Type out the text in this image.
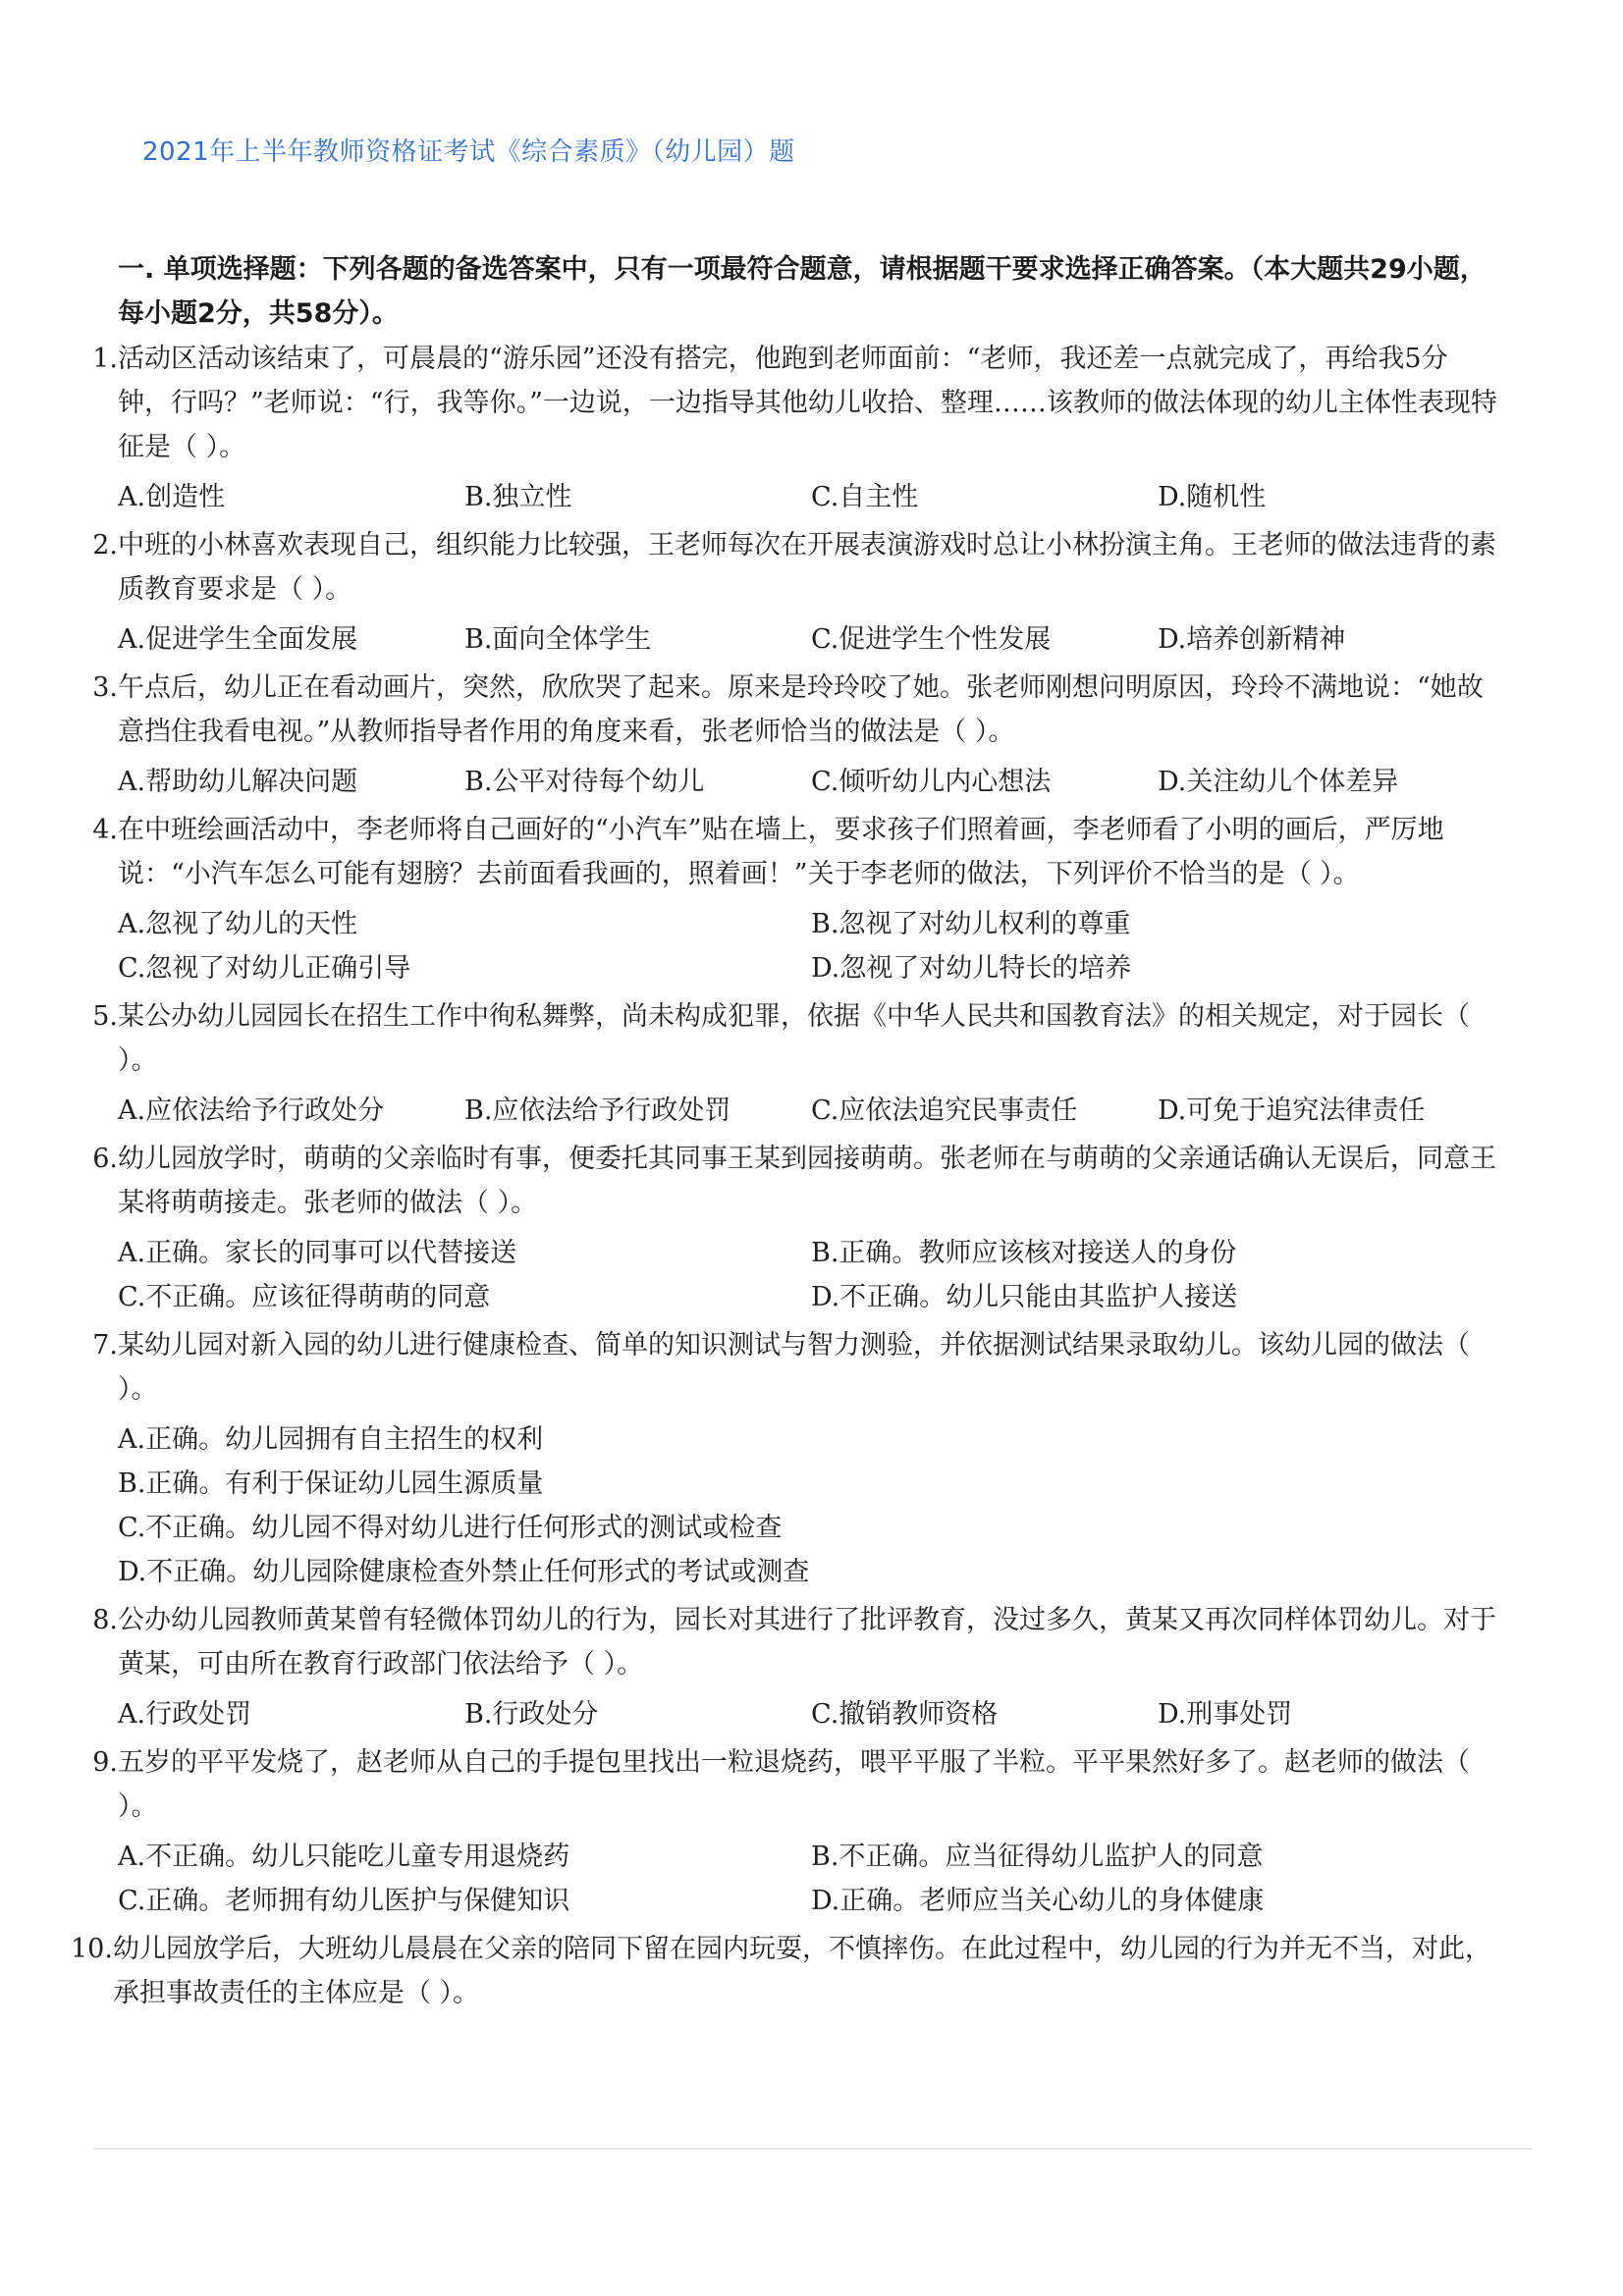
2021年上半年教师资格证考试《综合素质》（幼儿园）题
一. 单项选择题：下列各题的备选答案中，只有一项最符合题意，请根据题干要求选择正确答案。（本大题共29小题，每小题2分，共58分）。
1. 活动区活动该结束了，可晨晨的“游乐园”还没有搭完，他跑到老师面前：“老师，我还差一点就完成了，再给我5分钟，行吗？”老师说：“行，我等你。”一边说，一边指导其他幼儿收拾、整理……该教师的做法体现的幼儿主体性表现特征是（ ）。
A.创造性	B.独立性	C.自主性	D.随机性
2. 中班的小林喜欢表现自己，组织能力比较强，王老师每次在开展表演游戏时总让小林扮演主角。王老师的做法违背的素质教育要求是（ ）。
A.促进学生全面发展	B.面向全体学生	C.促进学生个性发展	D.培养创新精神
3. 午点后，幼儿正在看动画片，突然，欣欣哭了起来。原来是玲玲咬了她。张老师刚想问明原因，玲玲不满地说：“她故意挡住我看电视。”从教师指导者作用的角度来看，张老师恰当的做法是（ ）。
A.帮助幼儿解决问题	B.公平对待每个幼儿	C.倾听幼儿内心想法	D.关注幼儿个体差异
4. 在中班绘画活动中，李老师将自己画好的“小汽车”贴在墙上，要求孩子们照着画，李老师看了小明的画后，严厉地说：“小汽车怎么可能有翅膀？去前面看我画的，照着画！”关于李老师的做法，下列评价不恰当的是（ ）。
A.忽视了幼儿的天性	B.忽视了对幼儿权利的尊重
C.忽视了对幼儿正确引导	D.忽视了对幼儿特长的培养
5. 某公办幼儿园园长在招生工作中徇私舞弊，尚未构成犯罪，依据《中华人民共和国教育法》的相关规定，对于园长（ ）。
A.应依法给予行政处分	B.应依法给予行政处罚	C.应依法追究民事责任	D.可免于追究法律责任
6. 幼儿园放学时，萌萌的父亲临时有事，便委托其同事王某到园接萌萌。张老师在与萌萌的父亲通话确认无误后，同意王某将萌萌接走。张老师的做法（ ）。
A.正确。家长的同事可以代替接送	B.正确。教师应该核对接送人的身份
C.不正确。应该征得萌萌的同意	D.不正确。幼儿只能由其监护人接送
7. 某幼儿园对新入园的幼儿进行健康检查、简单的知识测试与智力测验，并依据测试结果录取幼儿。该幼儿园的做法（ ）。
A.正确。幼儿园拥有自主招生的权利
B.正确。有利于保证幼儿园生源质量
C.不正确。幼儿园不得对幼儿进行任何形式的测试或检查
D.不正确。幼儿园除健康检查外禁止任何形式的考试或测查
8. 公办幼儿园教师黄某曾有轻微体罚幼儿的行为，园长对其进行了批评教育，没过多久，黄某又再次同样体罚幼儿。对于黄某，可由所在教育行政部门依法给予（ ）。
A.行政处罚	B.行政处分	C.撤销教师资格	D.刑事处罚
9. 五岁的平平发烧了，赵老师从自己的手提包里找出一粒退烧药，喂平平服了半粒。平平果然好多了。赵老师的做法（ ）。
A.不正确。幼儿只能吃儿童专用退烧药	B.不正确。应当征得幼儿监护人的同意
C.正确。老师拥有幼儿医护与保健知识	D.正确。老师应当关心幼儿的身体健康
10. 幼儿园放学后，大班幼儿晨晨在父亲的陪同下留在园内玩耍，不慎摔伤。在此过程中，幼儿园的行为并无不当，对此，承担事故责任的主体应是（ ）。
